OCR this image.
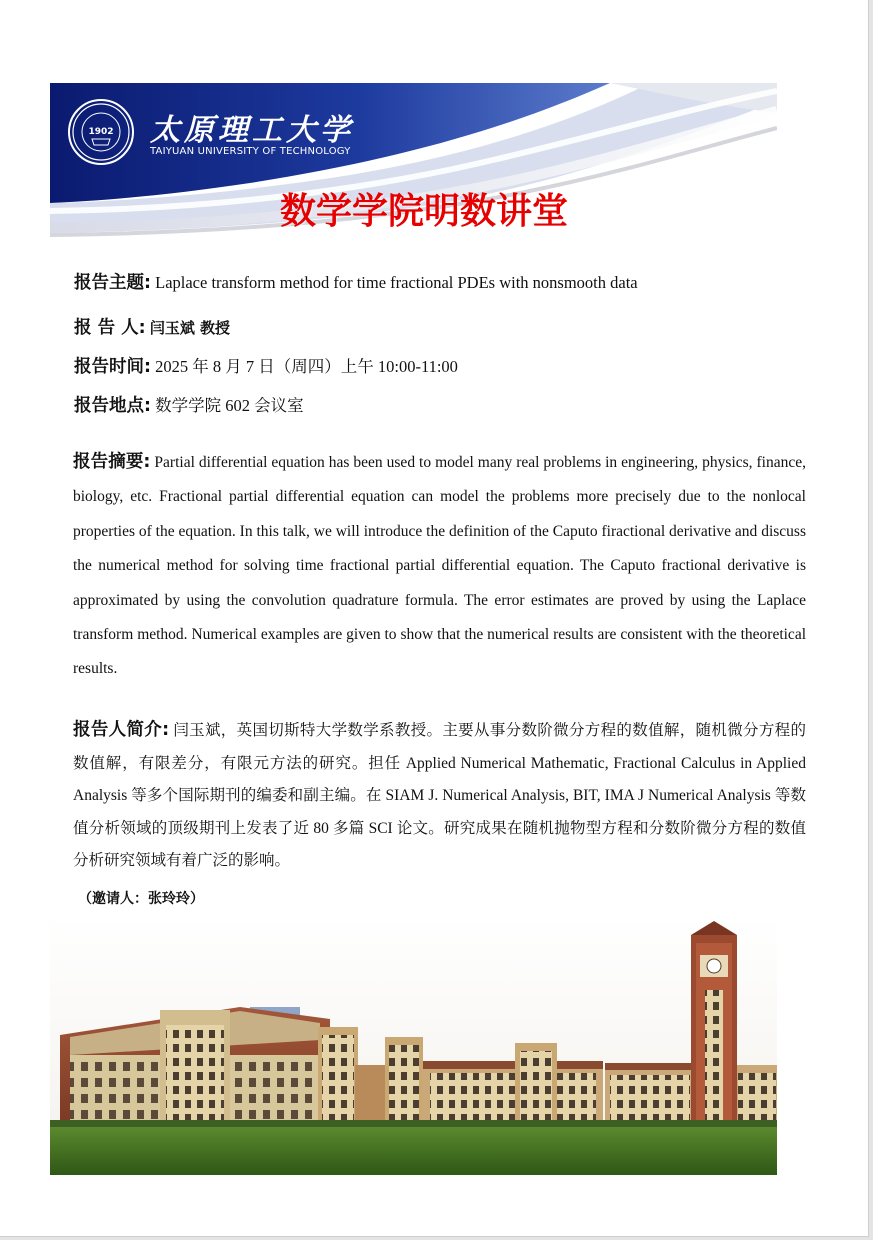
1902	太原理工大学
TAIYUAN UNIVERSITY OF TECHNOLOGY
数学学院明数讲堂
报告主题: Laplace transform method for time fractional PDEs with nonsmooth data
报 告 人: 闫玉斌 教授
报告时间: 2025 年 8 月 7 日（周四）上午 10:00-11:00
报告地点: 数学学院 602 会议室

报告摘要: Partial differential equation has been used to model many real problems in engineering, physics, finance, biology, etc. Fractional partial differential equation can model the problems more precisely due to the nonlocal properties of the equation. In this talk, we will introduce the definition of the Caputo firactional derivative and discuss the numerical method for solving time fractional partial differential equation. The Caputo fractional derivative is approximated by using the convolution quadrature formula. The error estimates are proved by using the Laplace transform method. Numerical examples are given to show that the numerical results are consistent with the theoretical results.

报告人简介: 闫玉斌，英国切斯特大学数学系教授。主要从事分数阶微分方程的数值解，随机微分方程的数值解，有限差分，有限元方法的研究。担任 Applied Numerical Mathematic, Fractional Calculus in Applied Analysis 等多个国际期刊的编委和副主编。在 SIAM J. Numerical Analysis, BIT, IMA J Numerical Analysis 等数值分析领域的顶级期刊上发表了近 80 多篇 SCI 论文。研究成果在随机抛物型方程和分数阶微分方程的数值分析研究领域有着广泛的影响。

（邀请人：张玲玲）
